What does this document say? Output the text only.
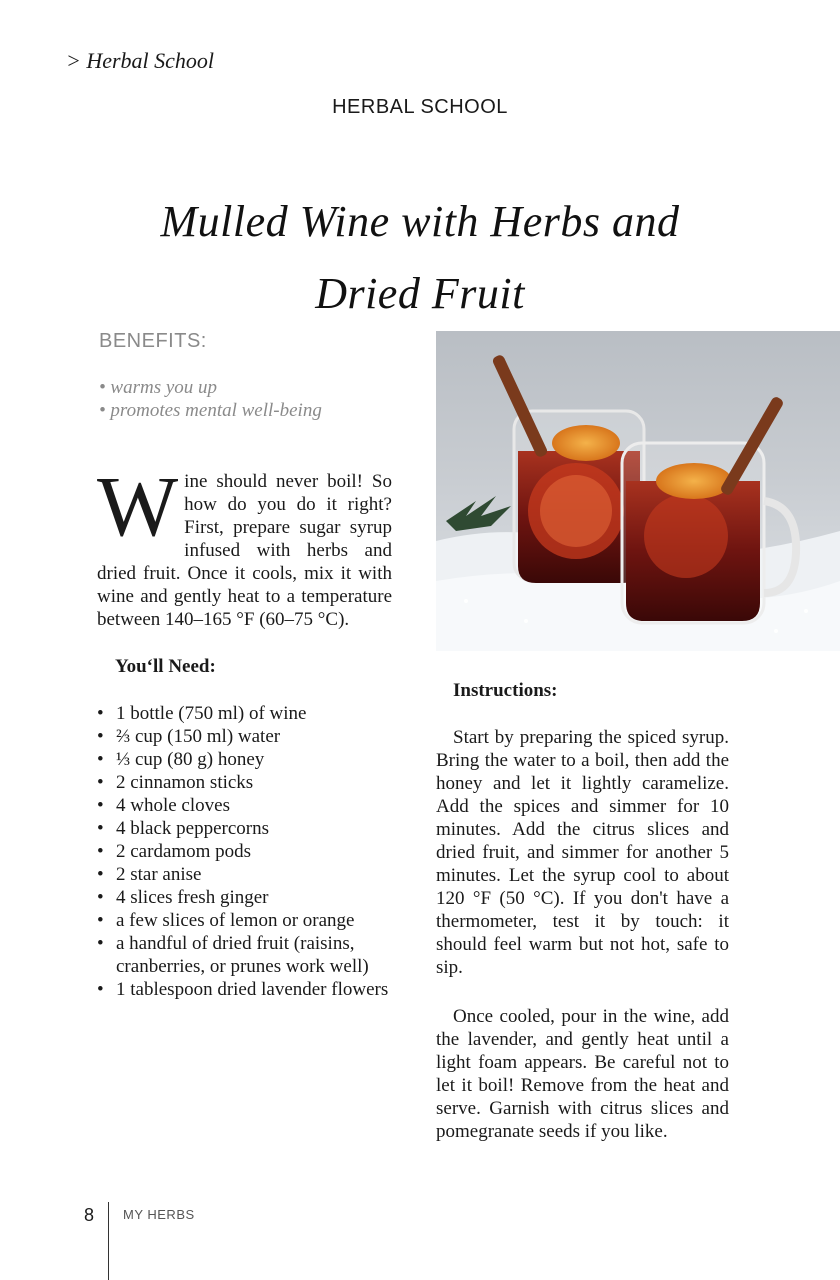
> Herbal School
HERBAL SCHOOL
Mulled Wine with Herbs and
Dried Fruit
BENEFITS:
• warms you up
• promotes mental well-being

Wine should never boil! So how do you do it right? First, prepare sugar syrup infused with herbs and dried fruit. Once it cools, mix it with wine and gently heat to a temperature between 140–165 °F (60–75 °C).

You‘ll Need:
• 1 bottle (750 ml) of wine
• ⅔ cup (150 ml) water
• ⅓ cup (80 g) honey
• 2 cinnamon sticks
• 4 whole cloves
• 4 black peppercorns
• 2 cardamom pods
• 2 star anise
• 4 slices fresh ginger
• a few slices of lemon or orange
• a handful of dried fruit (raisins, cranberries, or prunes work well)
• 1 tablespoon dried lavender flowers
Instructions:

Start by preparing the spiced syrup. Bring the water to a boil, then add the honey and let it lightly caramelize. Add the spices and simmer for 10 minutes. Add the citrus slices and dried fruit, and simmer for another 5 minutes. Let the syrup cool to about 120 °F (50 °C). If you don't have a thermometer, test it by touch: it should feel warm but not hot, safe to sip.

Once cooled, pour in the wine, add the lavender, and gently heat until a light foam appears. Be careful not to let it boil! Remove from the heat and serve. Garnish with citrus slices and pomegranate seeds if you like.

8 MY HERBS
